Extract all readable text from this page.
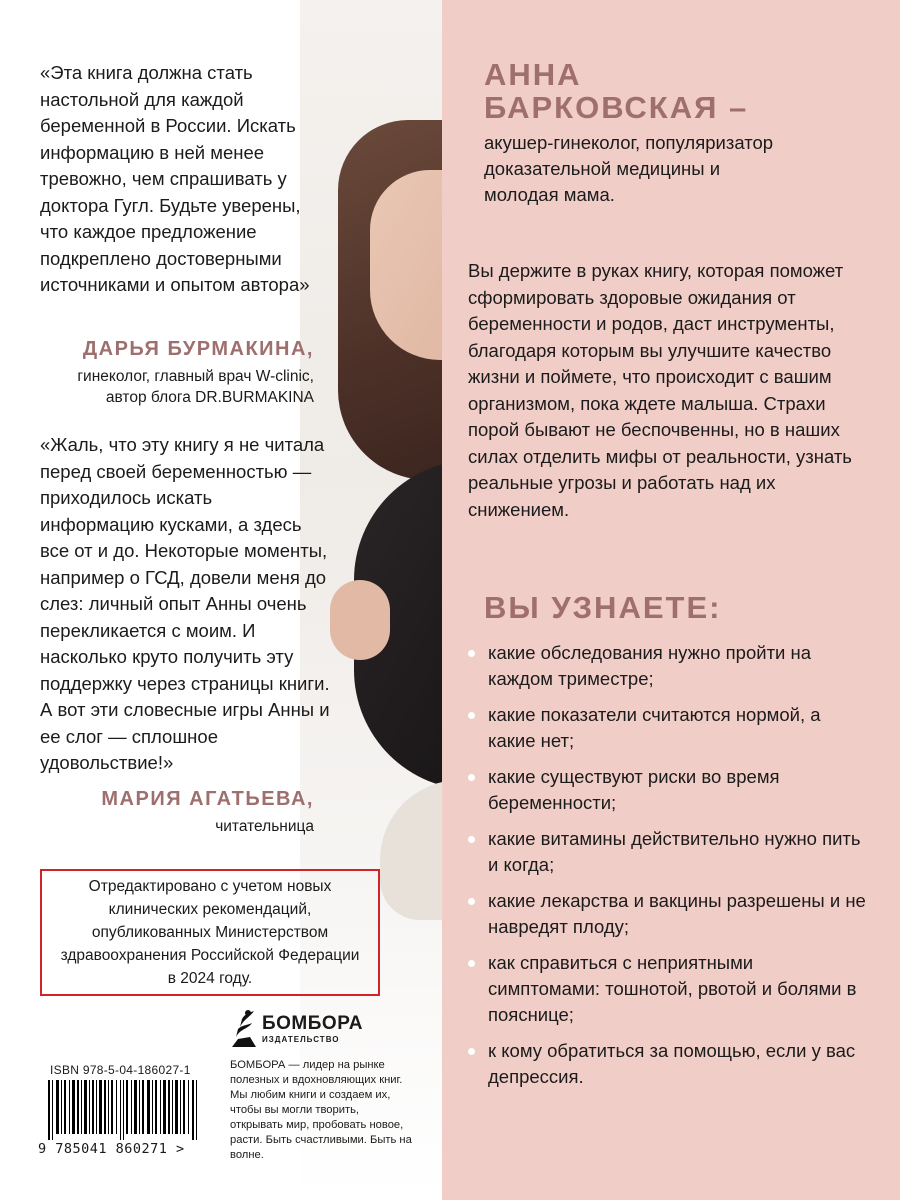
АННА БАРКОВСКАЯ –
акушер-гинеколог, популяризатор доказательной медицины и молодая мама.
Вы держите в руках книгу, которая поможет сформировать здоровые ожидания от беременности и родов, даст инструменты, благодаря которым вы улучшите качество жизни и поймете, что происходит с вашим организмом, пока ждете малыша. Страхи порой бывают не беспочвенны, но в наших силах отделить мифы от реальности, узнать реальные угрозы и работать над их снижением.
ВЫ УЗНАЕТЕ:
какие обследования нужно пройти на каждом триместре;
какие показатели считаются нормой, а какие нет;
какие существуют риски во время беременности;
какие витамины действительно нужно пить и когда;
какие лекарства и вакцины разрешены и не навредят плоду;
как справиться с неприятными симптомами: тошнотой, рвотой и болями в пояснице;
к кому обратиться за помощью, если у вас депрессия.
«Эта книга должна стать настольной для каждой беременной в России. Искать информацию в ней менее тревожно, чем спрашивать у доктора Гугл. Будьте уверены, что каждое предложение подкреплено достоверными источниками и опытом автора»
ДАРЬЯ БУРМАКИНА,
гинеколог, главный врач W-clinic, автор блога DR.BURMAKINA
«Жаль, что эту книгу я не читала перед своей беременностью — приходилось искать информацию кусками, а здесь все от и до. Некоторые моменты, например о ГСД, довели меня до слез: личный опыт Анны очень перекликается с моим. И насколько круто получить эту поддержку через страницы книги. А вот эти словесные игры Анны и ее слог — сплошное удовольствие!»
МАРИЯ АГАТЬЕВА,
читательница
Отредактировано с учетом новых клинических рекомендаций, опубликованных Министерством здравоохранения Российской Федерации в 2024 году.
ISBN 978-5-04-186027-1
9 785041 860271 >
БОМБОРА
ИЗДАТЕЛЬСТВО
БОМБОРА — лидер на рынке полезных и вдохновляющих книг. Мы любим книги и создаем их, чтобы вы могли творить, открывать мир, пробовать новое, расти. Быть счастливыми. Быть на волне.
